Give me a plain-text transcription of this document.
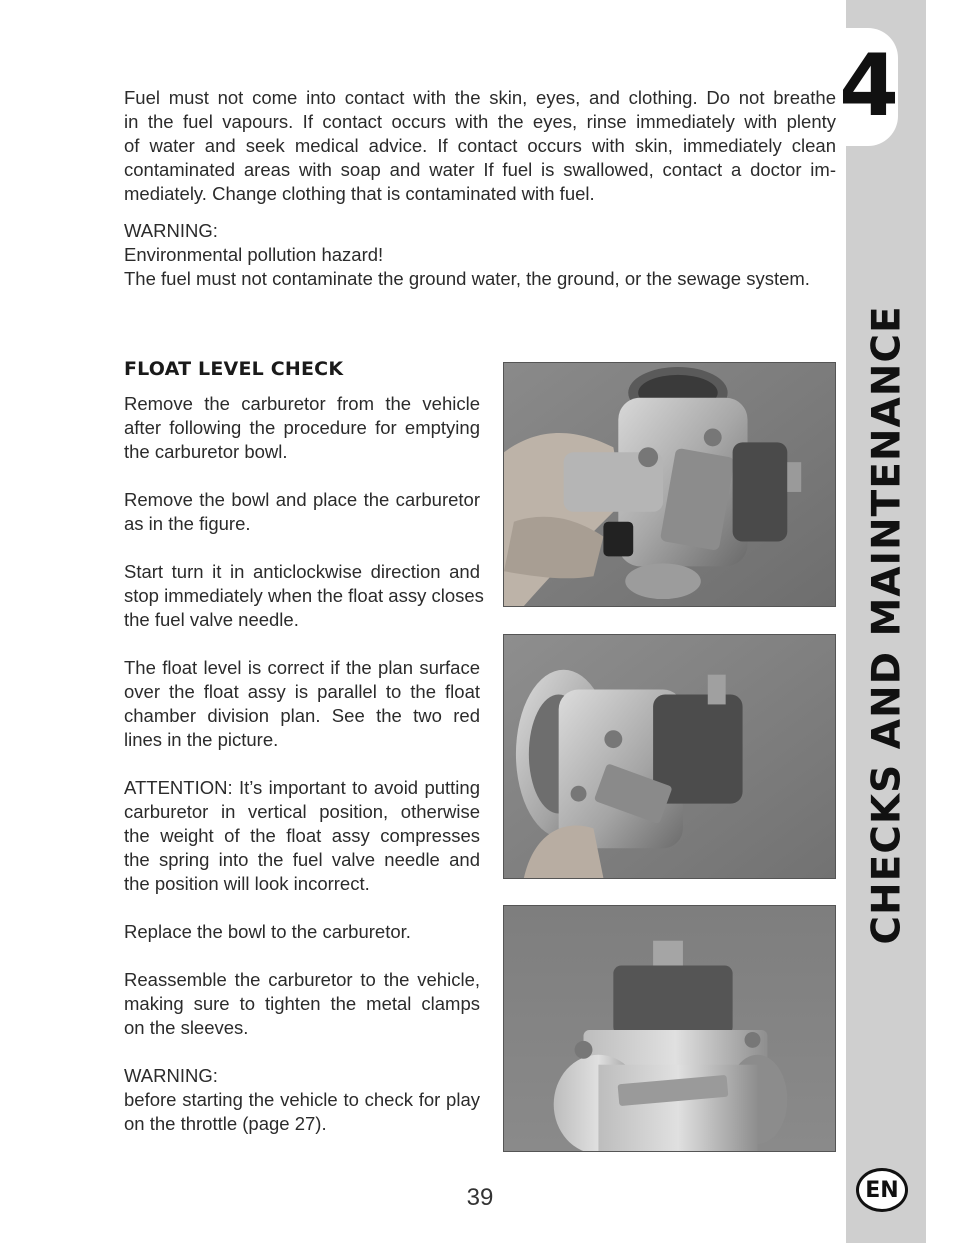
4
CHECKS AND MAINTENANCE
EN
Fuel must not come into contact with the skin, eyes, and clothing. Do not breathe
in the fuel vapours. If contact occurs with the eyes, rinse immediately with plenty
of water and seek medical advice. If contact occurs with skin, immediately clean
contaminated areas with soap and water If fuel is swallowed, contact a doctor im-
mediately. Change clothing that is contaminated with fuel.
WARNING:
Environmental pollution hazard!
The fuel must not contaminate the ground water, the ground, or the sewage system.
FLOAT LEVEL CHECK
Remove the carburetor from the vehicle
after following the procedure for emptying
the carburetor bowl.
Remove the bowl and place the carburetor
as in the figure.
Start turn it in anticlockwise direction and
stop immediately when the float assy closes
the fuel valve needle.
The float level is correct if the plan surface
over the float assy is parallel to the float
chamber division plan. See the two red
lines in the picture.
ATTENTION: It’s important to avoid putting
carburetor in vertical position, otherwise
the weight of the float assy compresses
the spring into the fuel valve needle and
the position will look incorrect.
Replace the bowl to the carburetor.
Reassemble the carburetor to the vehicle,
making sure to tighten the metal clamps
on the sleeves.
WARNING:
before starting the vehicle to check for play
on the throttle (page 27).
39
